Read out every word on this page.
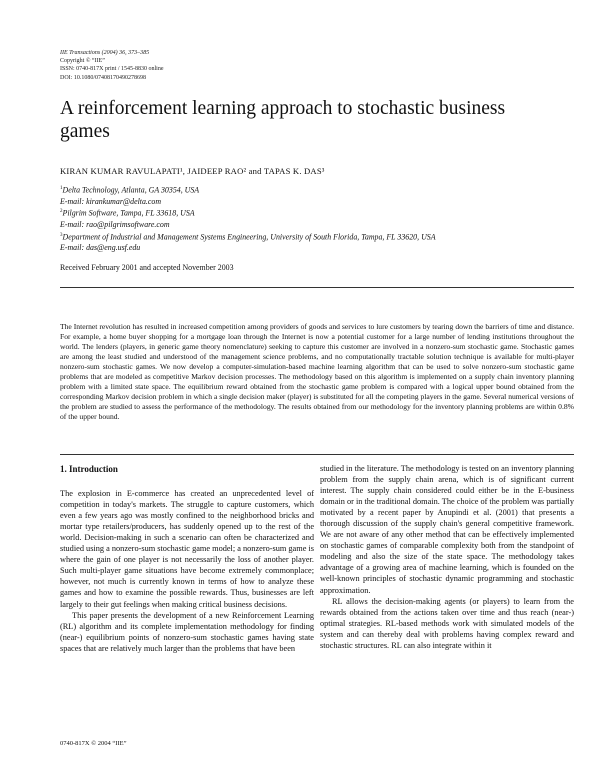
IIE Transactions (2004) 36, 373–385
Copyright © “IIE”
ISSN: 0740-817X print / 1545-8830 online
DOI: 10.1080/07408170490278698
A reinforcement learning approach to stochastic business games
KIRAN KUMAR RAVULAPATI¹, JAIDEEP RAO² and TAPAS K. DAS³
$^1$Delta Technology, Atlanta, GA 30354, USA
E-mail: kirankumar@delta.com
$^2$Pilgrim Software, Tampa, FL 33618, USA
E-mail: rao@pilgrimsoftware.com
$^3$Department of Industrial and Management Systems Engineering, University of South Florida, Tampa, FL 33620, USA
E-mail: das@eng.usf.edu
Received February 2001 and accepted November 2003

The Internet revolution has resulted in increased competition among providers of goods and services to lure customers by tearing down the barriers of time and distance. For example, a home buyer shopping for a mortgage loan through the Internet is now a potential customer for a large number of lending institutions throughout the world. The lenders (players, in generic game theory nomenclature) seeking to capture this customer are involved in a nonzero-sum stochastic game. Stochastic games are among the least studied and understood of the management science problems, and no computationally tractable solution technique is available for multi-player nonzero-sum stochastic games. We now develop a computer-simulation-based machine learning algorithm that can be used to solve nonzero-sum stochastic game problems that are modeled as competitive Markov decision processes. The methodology based on this algorithm is implemented on a supply chain inventory planning problem with a limited state space. The equilibrium reward obtained from the stochastic game problem is compared with a logical upper bound obtained from the corresponding Markov decision problem in which a single decision maker (player) is substituted for all the competing players in the game. Several numerical versions of the problem are studied to assess the performance of the methodology. The results obtained from our methodology for the inventory planning problems are within 0.8% of the upper bound.

1. Introduction

The explosion in E-commerce has created an unprecedented level of competition in today's markets. The struggle to capture customers, which even a few years ago was mostly confined to the neighborhood bricks and mortar type retailers/producers, has suddenly opened up to the rest of the world. Decision-making in such a scenario can often be characterized and studied using a nonzero-sum stochastic game model; a nonzero-sum game is where the gain of one player is not necessarily the loss of another player. Such multi-player game situations have become extremely commonplace; however, not much is currently known in terms of how to analyze these games and how to examine the possible rewards. Thus, businesses are left largely to their gut feelings when making critical business decisions.

This paper presents the development of a new Reinforcement Learning (RL) algorithm and its complete implementation methodology for finding (near-) equilibrium points of nonzero-sum stochastic games having state spaces that are relatively much larger than the problems that have been

studied in the literature. The methodology is tested on an inventory planning problem from the supply chain arena, which is of significant current interest. The supply chain considered could either be in the E-business domain or in the traditional domain. The choice of the problem was partially motivated by a recent paper by Anupindi et al. (2001) that presents a thorough discussion of the supply chain's general competitive framework. We are not aware of any other method that can be effectively implemented on stochastic games of comparable complexity both from the standpoint of modeling and also the size of the state space. The methodology takes advantage of a growing area of machine learning, which is founded on the well-known principles of stochastic dynamic programming and stochastic approximation.

RL allows the decision-making agents (or players) to learn from the rewards obtained from the actions taken over time and thus reach (near-) optimal strategies. RL-based methods work with simulated models of the system and can thereby deal with problems having complex reward and stochastic structures. RL can also integrate within it

0740-817X © 2004 “IIE”
